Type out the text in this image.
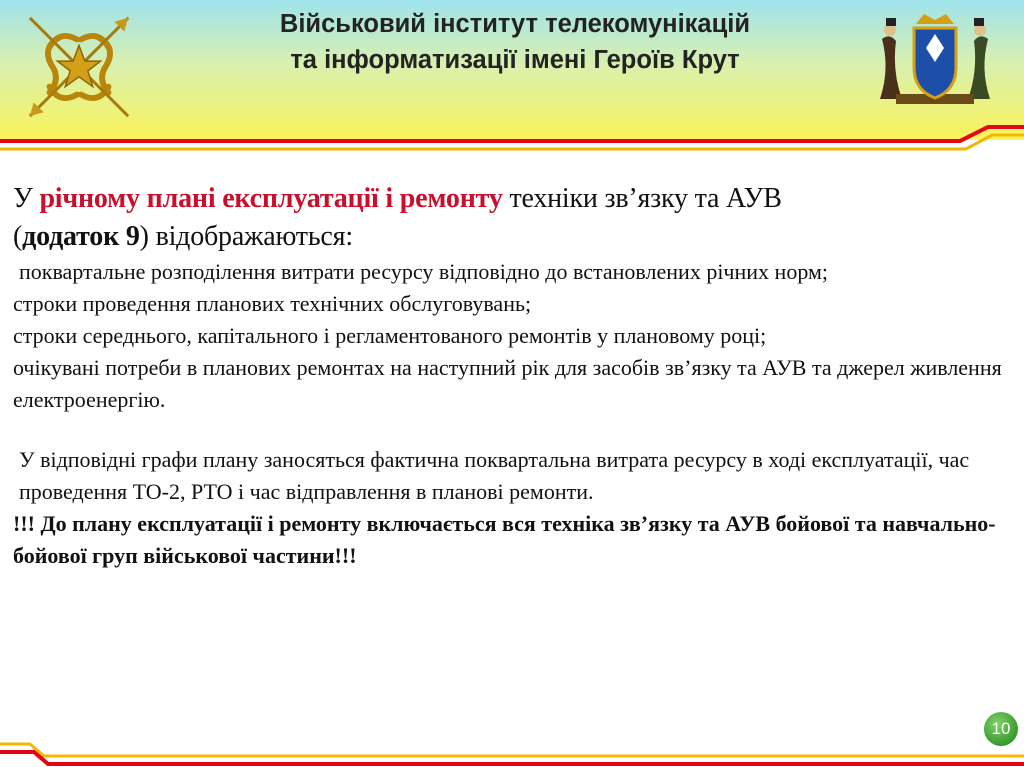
Військовий інститут телекомунікацій
та інформатизації імені Героїв Крут

У річному плані експлуатації і ремонту техніки зв’язку та АУВ
(додаток 9) відображаються:

поквартальне розподілення витрати ресурсу відповідно до встановлених річних норм;

строки проведення планових технічних обслуговувань;

строки середнього, капітального і регламентованого ремонтів у плановому році;

очікувані потреби в планових ремонтах на наступний рік для засобів зв’язку та АУВ та джерел живлення електроенергію.

У відповідні графи плану заносяться фактична поквартальна витрата ресурсу в ході експлуатації, час проведення ТО-2, РТО і час відправлення в планові ремонти.

!!! До плану експлуатації і ремонту включається вся техніка зв’язку та АУВ бойової та навчально-бойової груп військової частини!!!

10
